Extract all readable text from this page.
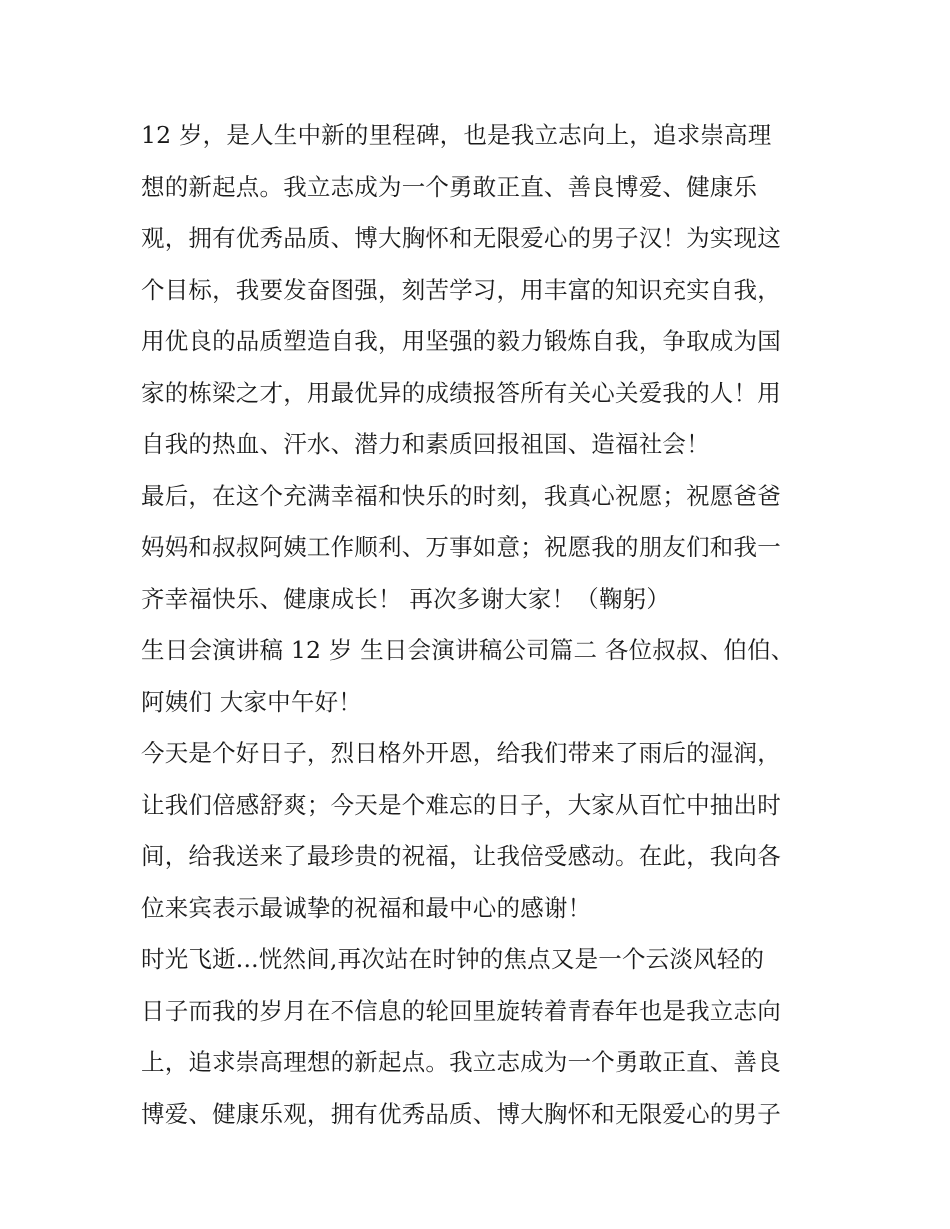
12 岁，是人生中新的里程碑，也是我立志向上，追求崇高理
想的新起点。我立志成为一个勇敢正直、善良博爱、健康乐
观，拥有优秀品质、博大胸怀和无限爱心的男子汉！为实现这
个目标，我要发奋图强，刻苦学习，用丰富的知识充实自我，
用优良的品质塑造自我，用坚强的毅力锻炼自我，争取成为国
家的栋梁之才，用最优异的成绩报答所有关心关爱我的人！用
自我的热血、汗水、潜力和素质回报祖国、造福社会！
最后，在这个充满幸福和快乐的时刻，我真心祝愿；祝愿爸爸
妈妈和叔叔阿姨工作顺利、万事如意；祝愿我的朋友们和我一
齐幸福快乐、健康成长！ 再次多谢大家！（鞠躬）
生日会演讲稿 12 岁 生日会演讲稿公司篇二 各位叔叔、伯伯、
阿姨们 大家中午好！
今天是个好日子，烈日格外开恩，给我们带来了雨后的湿润，
让我们倍感舒爽；今天是个难忘的日子，大家从百忙中抽出时
间，给我送来了最珍贵的祝福，让我倍受感动。在此，我向各
位来宾表示最诚挚的祝福和最中心的感谢！
时光飞逝...恍然间,再次站在时钟的焦点又是一个云淡风轻的
日子而我的岁月在不信息的轮回里旋转着青春年也是我立志向
上，追求崇高理想的新起点。我立志成为一个勇敢正直、善良
博爱、健康乐观，拥有优秀品质、博大胸怀和无限爱心的男子
